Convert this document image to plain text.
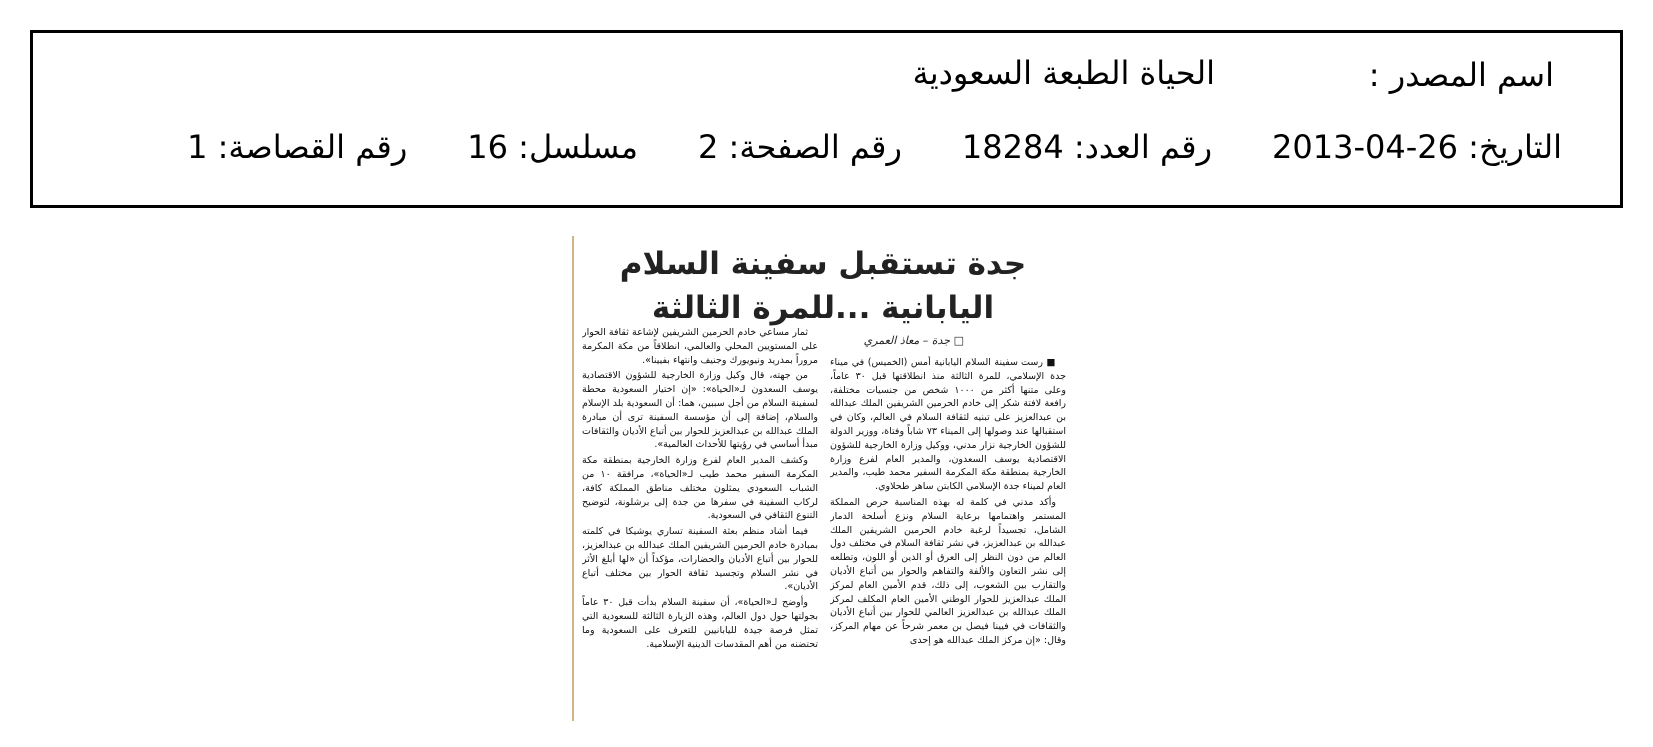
اسم المصدر :
الحياة الطبعة السعودية
التاريخ: 2013-04-26
رقم العدد: 18284
رقم الصفحة: 2
مسلسل: 16
رقم القصاصة: 1
جدة تستقبل سفينة السلام
اليابانية ...للمرة الثالثة
□ جدة – معاذ العمري

■ رست سفينة السلام اليابانية أمس (الخميس) في ميناء جدة الإسلامي، للمرة الثالثة منذ انطلاقتها قبل ٣٠ عاماً، وعلى متنها أكثر من ١٠٠٠ شخص من جنسيات مختلفة، رافعة لافتة شكر إلى خادم الحرمين الشريفين الملك عبدالله بن عبدالعزيز على تبنيه لثقافة السلام في العالم، وكان في استقبالها عند وصولها إلى الميناء ٧٣ شاباً وفتاة، ووزير الدولة للشؤون الخارجية نزار مدني، ووكيل وزارة الخارجية للشؤون الاقتصادية يوسف السعدون، والمدير العام لفرع وزارة الخارجية بمنطقة مكة المكرمة السفير محمد طيب، والمدير العام لميناء جدة الإسلامي الكابتن ساهر طحلاوي.

وأكد مدني في كلمة له بهذه المناسبة حرص المملكة المستمر واهتمامها برعاية السلام ونزع أسلحة الدمار الشامل، تجسيداً لرغبة خادم الحرمين الشريفين الملك عبدالله بن عبدالعزيز، في نشر ثقافة السلام في مختلف دول العالم من دون النظر إلى العرق أو الدين أو اللون، وتطلعه إلى نشر التعاون والألفة والتفاهم والحوار بين أتباع الأديان والتقارب بين الشعوب، إلى ذلك، قدم الأمين العام لمركز الملك عبدالعزيز للحوار الوطني الأمين العام المكلف لمركز الملك عبدالله بن عبدالعزيز العالمي للحوار بين أتباع الأديان والثقافات في فيينا فيصل بن معمر شرحاً عن مهام المركز، وقال: «إن مركز الملك عبدالله هو إحدى

ثمار مساعي خادم الحرمين الشريفين لإشاعة ثقافة الحوار على المستويين المحلي والعالمي، انطلاقاً من مكة المكرمة مروراً بمدريد ونيويورك وجنيف وانتهاء بفيينا».

من جهته، قال وكيل وزارة الخارجية للشؤون الاقتصادية يوسف السعدون لـ«الحياة»: «إن اختيار السعودية محطة لسفينة السلام من أجل سببين، هما: أن السعودية بلد الإسلام والسلام، إضافة إلى أن مؤسسة السفينة ترى أن مبادرة الملك عبدالله بن عبدالعزيز للحوار بين أتباع الأديان والثقافات مبدأ أساسي في رؤيتها للأحداث العالمية».

وكشف المدير العام لفرع وزارة الخارجية بمنطقة مكة المكرمة السفير محمد طيب لـ«الحياة»، مرافقة ١٠ من الشباب السعودي يمثلون مختلف مناطق المملكة كافة، لركاب السفينة في سفرها من جدة إلى برشلونة، لتوضيح التنوع الثقافي في السعودية.

فيما أشاد منظم بعثة السفينة تساري يوشيكا في كلمته بمبادرة خادم الحرمين الشريفين الملك عبدالله بن عبدالعزيز، للحوار بين أتباع الأديان والحضارات، مؤكداً أن «لها أبلغ الأثر في نشر السلام وتجسيد ثقافة الحوار بين مختلف أتباع الأديان».

وأوضح لـ«الحياة»، أن سفينة السلام بدأت قبل ٣٠ عاماً بجولتها حول دول العالم، وهذه الزيارة الثالثة للسعودية التي تمثل فرصة جيدة لليابانيين للتعرف على السعودية وما تحتضنه من أهم المقدسات الدينية الإسلامية.
